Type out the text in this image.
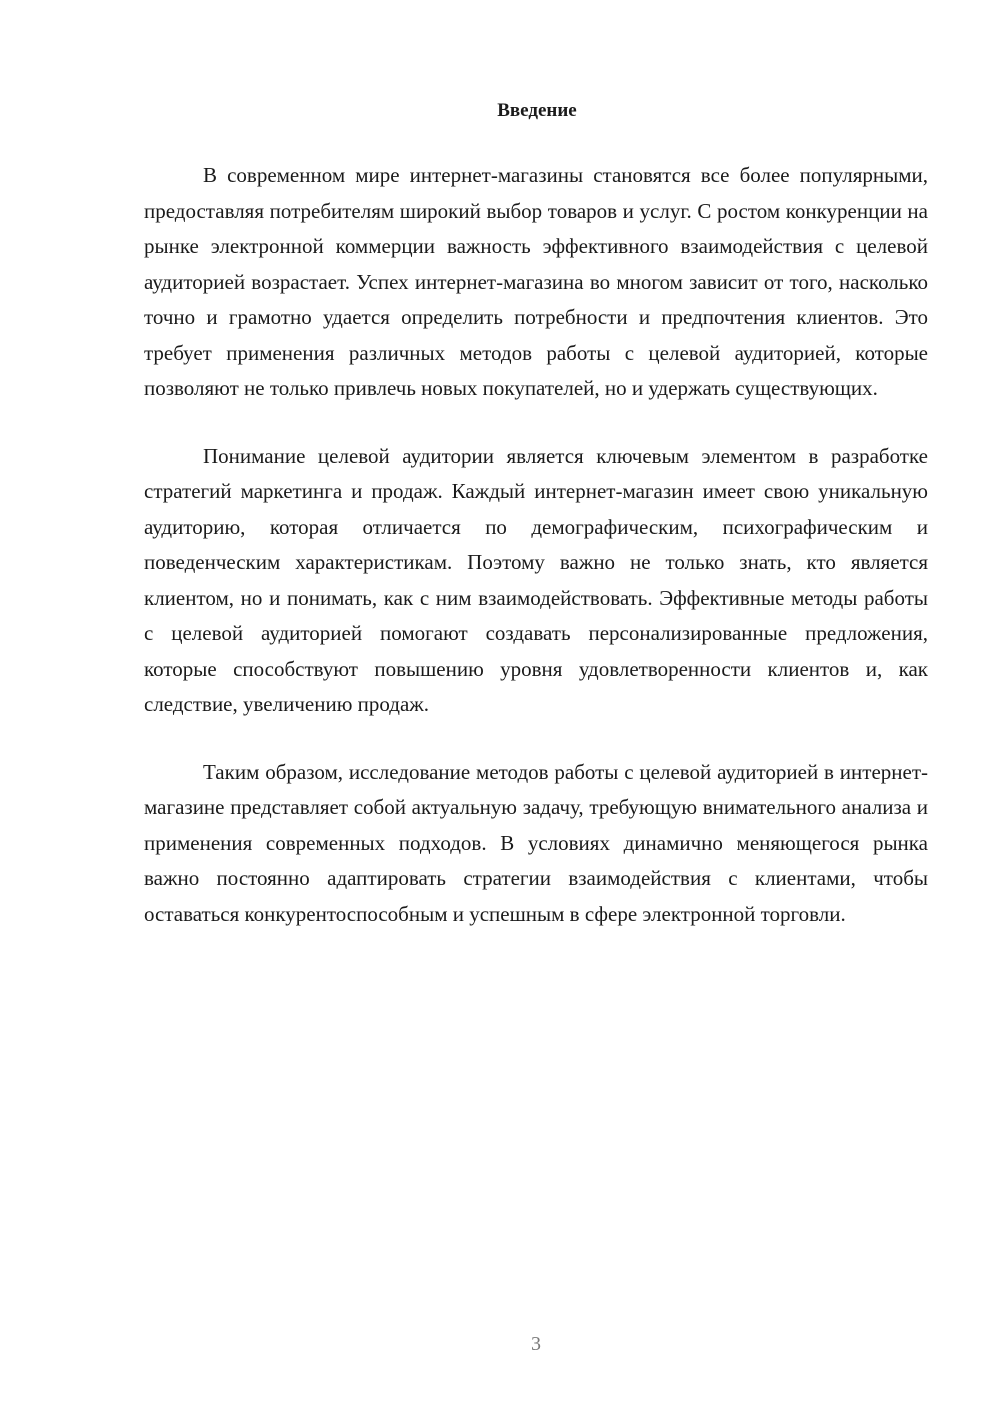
Введение

В современном мире интернет-магазины становятся все более популярными, предоставляя потребителям широкий выбор товаров и услуг. С ростом конкуренции на рынке электронной коммерции важность эффективного взаимодействия с целевой аудиторией возрастает. Успех интернет-магазина во многом зависит от того, насколько точно и грамотно удается определить потребности и предпочтения клиентов. Это требует применения различных методов работы с целевой аудиторией, которые позволяют не только привлечь новых покупателей, но и удержать существующих.

Понимание целевой аудитории является ключевым элементом в разработке стратегий маркетинга и продаж. Каждый интернет-магазин имеет свою уникальную аудиторию, которая отличается по демографическим, психографическим и поведенческим характеристикам. Поэтому важно не только знать, кто является клиентом, но и понимать, как с ним взаимодействовать. Эффективные методы работы с целевой аудиторией помогают создавать персонализированные предложения, которые способствуют повышению уровня удовлетворенности клиентов и, как следствие, увеличению продаж.

Таким образом, исследование методов работы с целевой аудиторией в интернет-магазине представляет собой актуальную задачу, требующую внимательного анализа и применения современных подходов. В условиях динамично меняющегося рынка важно постоянно адаптировать стратегии взаимодействия с клиентами, чтобы оставаться конкурентоспособным и успешным в сфере электронной торговли.

3
